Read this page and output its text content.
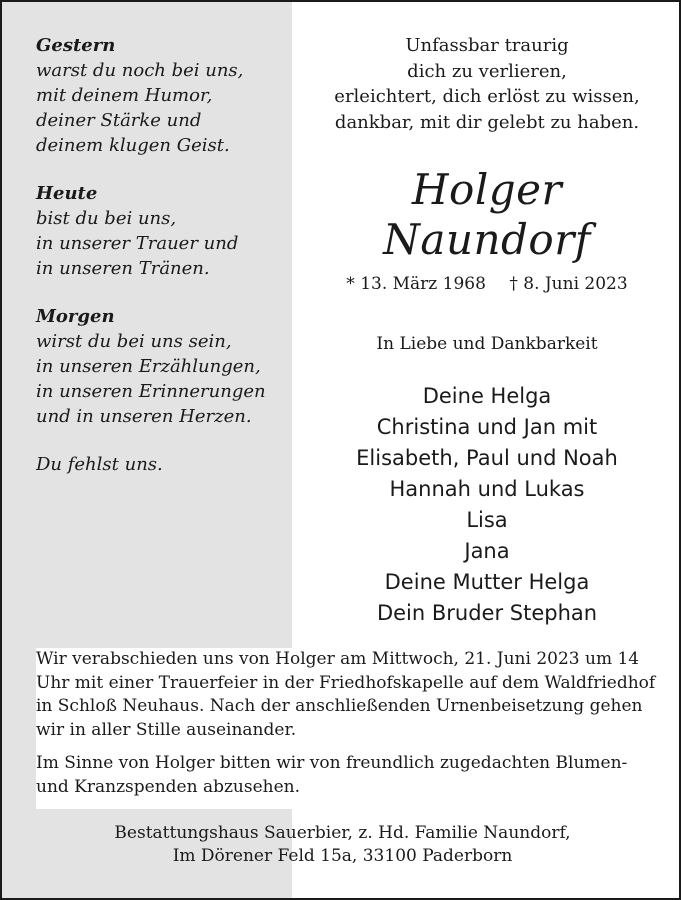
Gestern
warst du noch bei uns,
mit deinem Humor,
deiner Stärke und
deinem klugen Geist.
Heute
bist du bei uns,
in unserer Trauer und
in unseren Tränen.
Morgen
wirst du bei uns sein,
in unseren Erzählungen,
in unseren Erinnerungen
und in unseren Herzen.
Du fehlst uns.
Unfassbar traurig
dich zu verlieren,
erleichtert, dich erlöst zu wissen,
dankbar, mit dir gelebt zu haben.
Holger Naundorf
* 13. März 1968 † 8. Juni 2023
In Liebe und Dankbarkeit
Deine Helga
Christina und Jan mit
Elisabeth, Paul und Noah
Hannah und Lukas
Lisa
Jana
Deine Mutter Helga
Dein Bruder Stephan

Wir verabschieden uns von Holger am Mittwoch, 21. Juni 2023 um 14 Uhr mit einer Trauerfeier in der Friedhofskapelle auf dem Waldfriedhof in Schloß Neuhaus. Nach der anschließenden Urnenbeisetzung gehen wir in aller Stille auseinander.

Im Sinne von Holger bitten wir von freundlich zugedachten Blumen- und Kranzspenden abzusehen.

Bestattungshaus Sauerbier, z. Hd. Familie Naundorf,
Im Dörener Feld 15a, 33100 Paderborn
